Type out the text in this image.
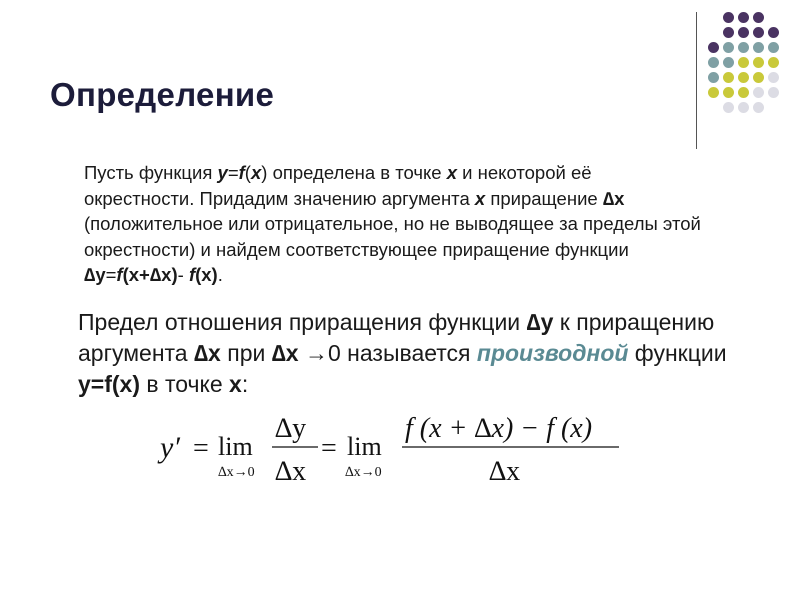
Определение
Пусть функция y=f(x) определена в точке x и некоторой её окрестности. Придадим значению аргумента x приращение ∆x (положительное или отрицательное, но не выводящее за пределы этой окрестности) и найдем соответствующее приращение функции ∆y=f(x+∆x)- f(x).
Предел отношения приращения функции ∆y к приращению аргумента ∆x при ∆x →0 называется производной функции y=f(x) в точке x:
y′ = lim
∆x→0
∆y
∆x
= lim
∆x→0
f (x + ∆x) − f (x)
∆x
